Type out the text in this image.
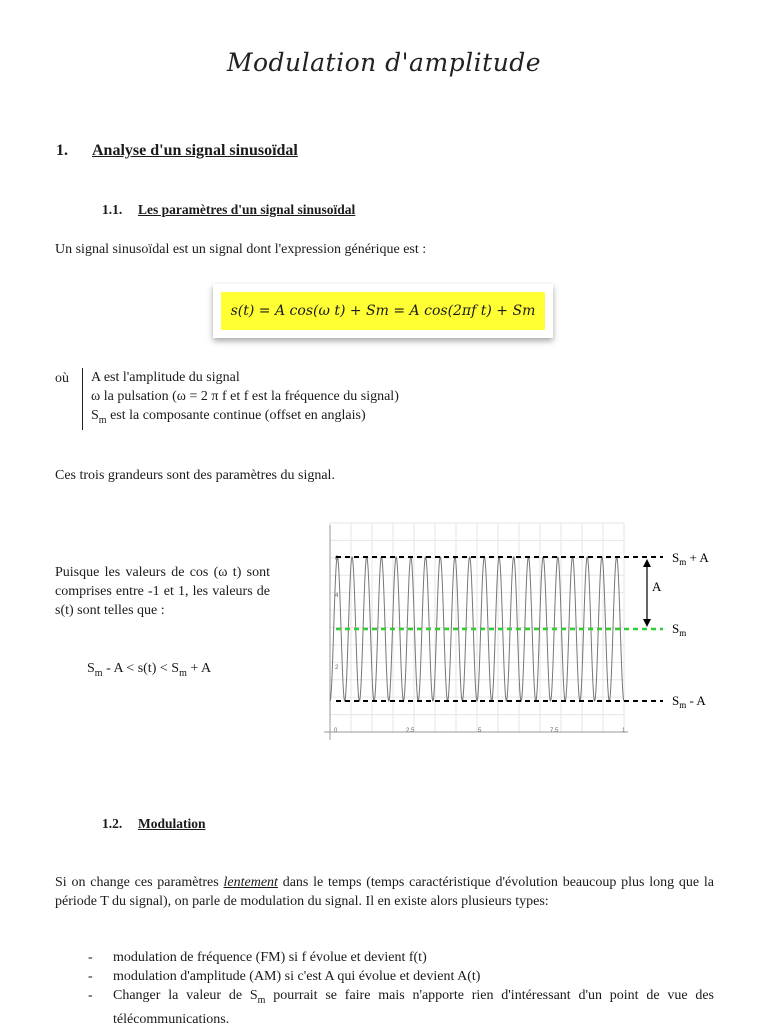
Modulation d'amplitude
1. Analyse d'un signal sinusoïdal
1.1. Les paramètres d'un signal sinusoïdal
Un signal sinusoïdal est un signal dont l'expression générique est :
s(t) = A cos(ω t) + Sm = A cos(2πf t) + Sm
où A est l'amplitude du signal
ω la pulsation (ω = 2 π f et f est la fréquence du signal)
$S_m$ est la composante continue (offset en anglais)
Ces trois grandeurs sont des paramètres du signal.
Puisque les valeurs de cos (ω t) sont comprises entre -1 et 1, les valeurs de s(t) sont telles que :
$S_m - A < s(t) < S_m + A$
6
4
2
0	2.5	5	7.5	1
A
$S_m + A$
$S_m$
$S_m$ - A
1.2. Modulation
Si on change ces paramètres lentement dans le temps (temps caractéristique d'évolution beaucoup plus long que la période T du signal), on parle de modulation du signal. Il en existe alors plusieurs types:
-	modulation de fréquence (FM) si f évolue et devient f(t)
-	modulation d'amplitude (AM) si c'est A qui évolue et devient A(t)
-	Changer la valeur de $S_m$ pourrait se faire mais n'apporte rien d'intéressant d'un point de vue des télécommunications.
